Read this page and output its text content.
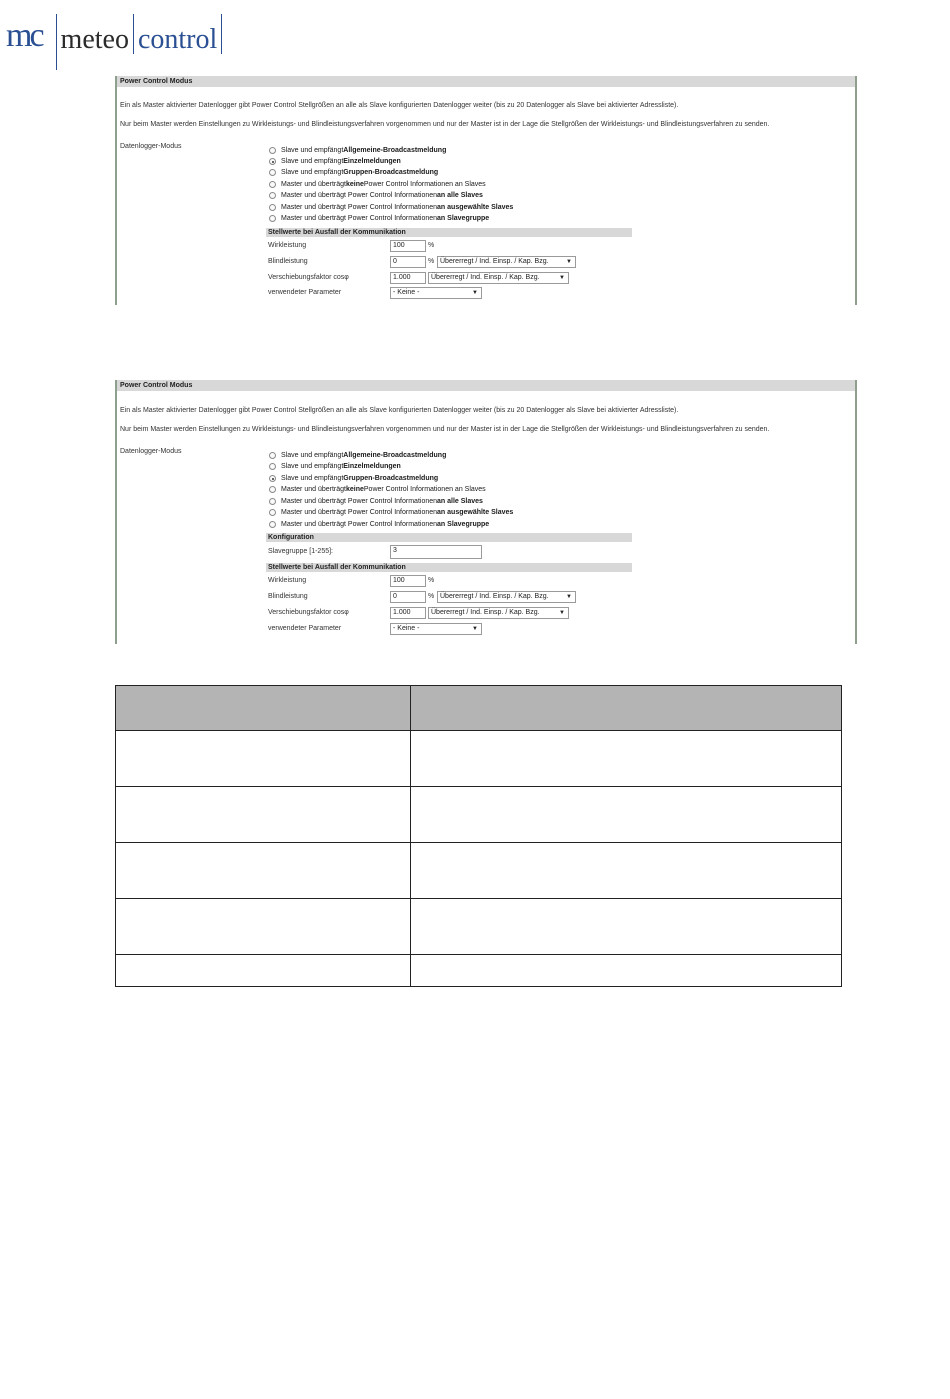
mc meteo control
Power Control Modus
Ein als Master aktivierter Datenlogger gibt Power Control Stellgrößen an alle als Slave konfigurierten Datenlogger weiter (bis zu 20 Datenlogger als Slave bei aktivierter Adressliste).
Nur beim Master werden Einstellungen zu Wirkleistungs- und Blindleistungsverfahren vorgenommen und nur der Master ist in der Lage die Stellgrößen der Wirkleistungs- und Blindleistungsverfahren zu senden.
Datenlogger-Modus
Slave und empfängt Allgemeine-Broadcastmeldung
Slave und empfängt Einzelmeldungen
Slave und empfängt Gruppen-Broadcastmeldung
Master und überträgt keine Power Control Informationen an Slaves
Master und überträgt Power Control Informationen an alle Slaves
Master und überträgt Power Control Informationen an ausgewählte Slaves
Master und überträgt Power Control Informationen an Slavegruppe
Stellwerte bei Ausfall der Kommunikation
Wirkleistung	100	%
Blindleistung	0	% Übererregt / Ind. Einsp. / Kap. Bzg.	▼
Verschiebungsfaktor cosφ	1.000	Übererregt / Ind. Einsp. / Kap. Bzg.	▼
verwendeter Parameter	- Keine -	▼
Power Control Modus
Ein als Master aktivierter Datenlogger gibt Power Control Stellgrößen an alle als Slave konfigurierten Datenlogger weiter (bis zu 20 Datenlogger als Slave bei aktivierter Adressliste).
Nur beim Master werden Einstellungen zu Wirkleistungs- und Blindleistungsverfahren vorgenommen und nur der Master ist in der Lage die Stellgrößen der Wirkleistungs- und Blindleistungsverfahren zu senden.
Datenlogger-Modus
Slave und empfängt Allgemeine-Broadcastmeldung
Slave und empfängt Einzelmeldungen
Slave und empfängt Gruppen-Broadcastmeldung
Master und überträgt keine Power Control Informationen an Slaves
Master und überträgt Power Control Informationen an alle Slaves
Master und überträgt Power Control Informationen an ausgewählte Slaves
Master und überträgt Power Control Informationen an Slavegruppe
Konfiguration
Slavegruppe [1-255]:	3
Stellwerte bei Ausfall der Kommunikation
Wirkleistung	100	%
Blindleistung	0	% Übererregt / Ind. Einsp. / Kap. Bzg.	▼
Verschiebungsfaktor cosφ	1.000	Übererregt / Ind. Einsp. / Kap. Bzg.	▼
verwendeter Parameter	- Keine -	▼
